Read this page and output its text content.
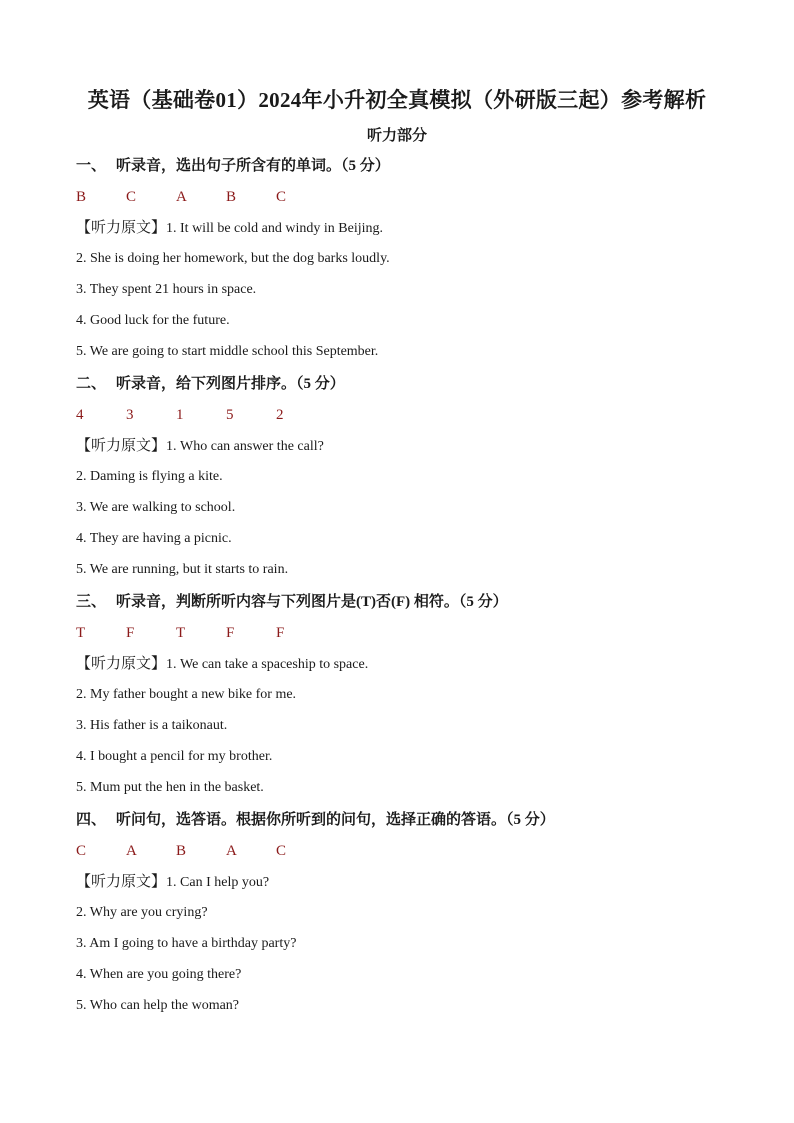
英语（基础卷01）2024年小升初全真模拟（外研版三起）参考解析
听力部分
一、 听录音，选出句子所含有的单词。（5 分）
B	C	A	B	C
【听力原文】1. It will be cold and windy in Beijing.
2. She is doing her homework, but the dog barks loudly.
3. They spent 21 hours in space.
4. Good luck for the future.
5. We are going to start middle school this September.
二、 听录音，给下列图片排序。（5 分）
4	3	1	5	2
【听力原文】1. Who can answer the call?
2. Daming is flying a kite.
3. We are walking to school.
4. They are having a picnic.
5. We are running, but it starts to rain.
三、 听录音，判断所听内容与下列图片是(T)否(F) 相符。（5 分）
T	F	T	F	F
【听力原文】1. We can take a spaceship to space.
2. My father bought a new bike for me.
3. His father is a taikonaut.
4. I bought a pencil for my brother.
5. Mum put the hen in the basket.
四、 听问句，选答语。根据你所听到的问句，选择正确的答语。（5 分）
C	A	B	A	C
【听力原文】1. Can I help you?
2. Why are you crying?
3. Am I going to have a birthday party?
4. When are you going there?
5. Who can help the woman?
